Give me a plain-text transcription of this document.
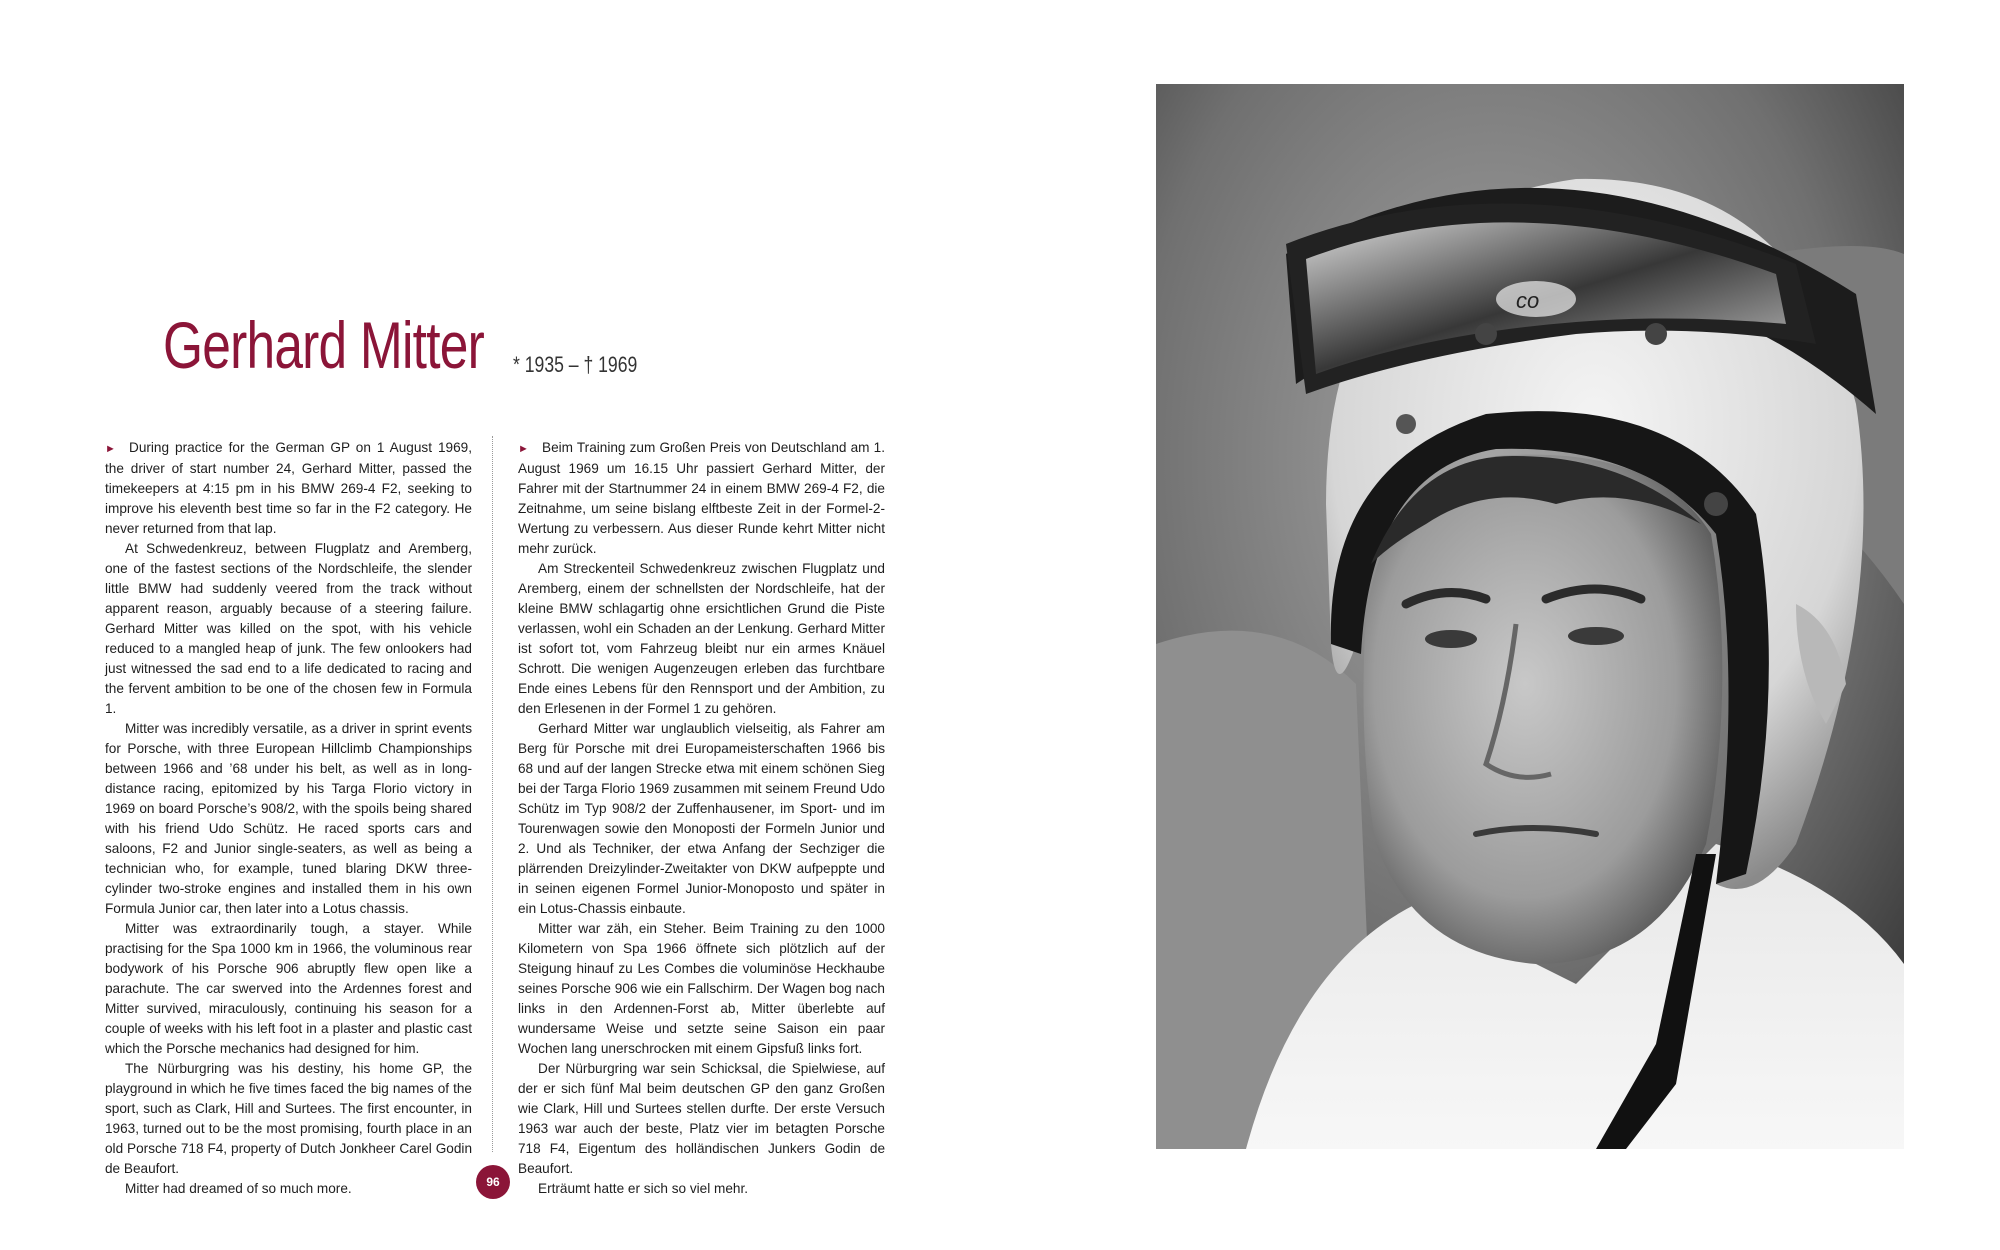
Gerhard Mitter * 1935 – † 1969

► During practice for the German GP on 1 August 1969, the driver of start number 24, Gerhard Mitter, passed the timekeepers at 4:15 pm in his BMW 269-4 F2, seeking to improve his eleventh best time so far in the F2 category. He never returned from that lap.

At Schwedenkreuz, between Flugplatz and Aremberg, one of the fastest sections of the Nordschleife, the slender little BMW had suddenly veered from the track without apparent reason, arguably because of a steering failure. Gerhard Mitter was killed on the spot, with his vehicle reduced to a mangled heap of junk. The few onlookers had just witnessed the sad end to a life dedicated to racing and the fervent ambition to be one of the chosen few in Formula 1.

Mitter was incredibly versatile, as a driver in sprint events for Porsche, with three European Hillclimb Championships between 1966 and ’68 under his belt, as well as in long-distance racing, epitomized by his Targa Florio victory in 1969 on board Porsche’s 908/2, with the spoils being shared with his friend Udo Schütz. He raced sports cars and saloons, F2 and Junior single-seaters, as well as being a technician who, for example, tuned blaring DKW three-cylinder two-stroke engines and installed them in his own Formula Junior car, then later into a Lotus chassis.

Mitter was extraordinarily tough, a stayer. While practising for the Spa 1000 km in 1966, the voluminous rear bodywork of his Porsche 906 abruptly flew open like a parachute. The car swerved into the Ardennes forest and Mitter survived, miraculously, continuing his season for a couple of weeks with his left foot in a plaster and plastic cast which the Porsche mechanics had designed for him.

The Nürburgring was his destiny, his home GP, the playground in which he five times faced the big names of the sport, such as Clark, Hill and Surtees. The first encounter, in 1963, turned out to be the most promising, fourth place in an old Porsche 718 F4, property of Dutch Jonkheer Carel Godin de Beaufort.

Mitter had dreamed of so much more.

► Beim Training zum Großen Preis von Deutschland am 1. August 1969 um 16.15 Uhr passiert Gerhard Mitter, der Fahrer mit der Startnummer 24 in einem BMW 269-4 F2, die Zeitnahme, um seine bislang elftbeste Zeit in der Formel-2-Wertung zu verbessern. Aus dieser Runde kehrt Mitter nicht mehr zurück.

Am Streckenteil Schwedenkreuz zwischen Flugplatz und Aremberg, einem der schnellsten der Nordschleife, hat der kleine BMW schlagartig ohne ersichtlichen Grund die Piste verlassen, wohl ein Schaden an der Lenkung. Gerhard Mitter ist sofort tot, vom Fahrzeug bleibt nur ein armes Knäuel Schrott. Die wenigen Augenzeugen erleben das furchtbare Ende eines Lebens für den Rennsport und der Ambition, zu den Erlesenen in der Formel 1 zu gehören.

Gerhard Mitter war unglaublich vielseitig, als Fahrer am Berg für Porsche mit drei Europameisterschaften 1966 bis 68 und auf der langen Strecke etwa mit einem schönen Sieg bei der Targa Florio 1969 zusammen mit seinem Freund Udo Schütz im Typ 908/2 der Zuffenhausener, im Sport- und im Tourenwagen sowie den Monoposti der Formeln Junior und 2. Und als Techniker, der etwa Anfang der Sechziger die plärrenden Dreizylinder-Zweitakter von DKW aufpeppte und in seinen eigenen Formel Junior-Monoposto und später in ein Lotus-Chassis einbaute.

Mitter war zäh, ein Steher. Beim Training zu den 1000 Kilometern von Spa 1966 öffnete sich plötzlich auf der Steigung hinauf zu Les Combes die voluminöse Heckhaube seines Porsche 906 wie ein Fallschirm. Der Wagen bog nach links in den Ardennen-Forst ab, Mitter überlebte auf wundersame Weise und setzte seine Saison ein paar Wochen lang unerschrocken mit einem Gipsfuß links fort.

Der Nürburgring war sein Schicksal, die Spielwiese, auf der er sich fünf Mal beim deutschen GP den ganz Großen wie Clark, Hill und Surtees stellen durfte. Der erste Versuch 1963 war auch der beste, Platz vier im betagten Porsche 718 F4, Eigentum des holländischen Junkers Godin de Beaufort.

Erträumt hatte er sich so viel mehr.

96
co
